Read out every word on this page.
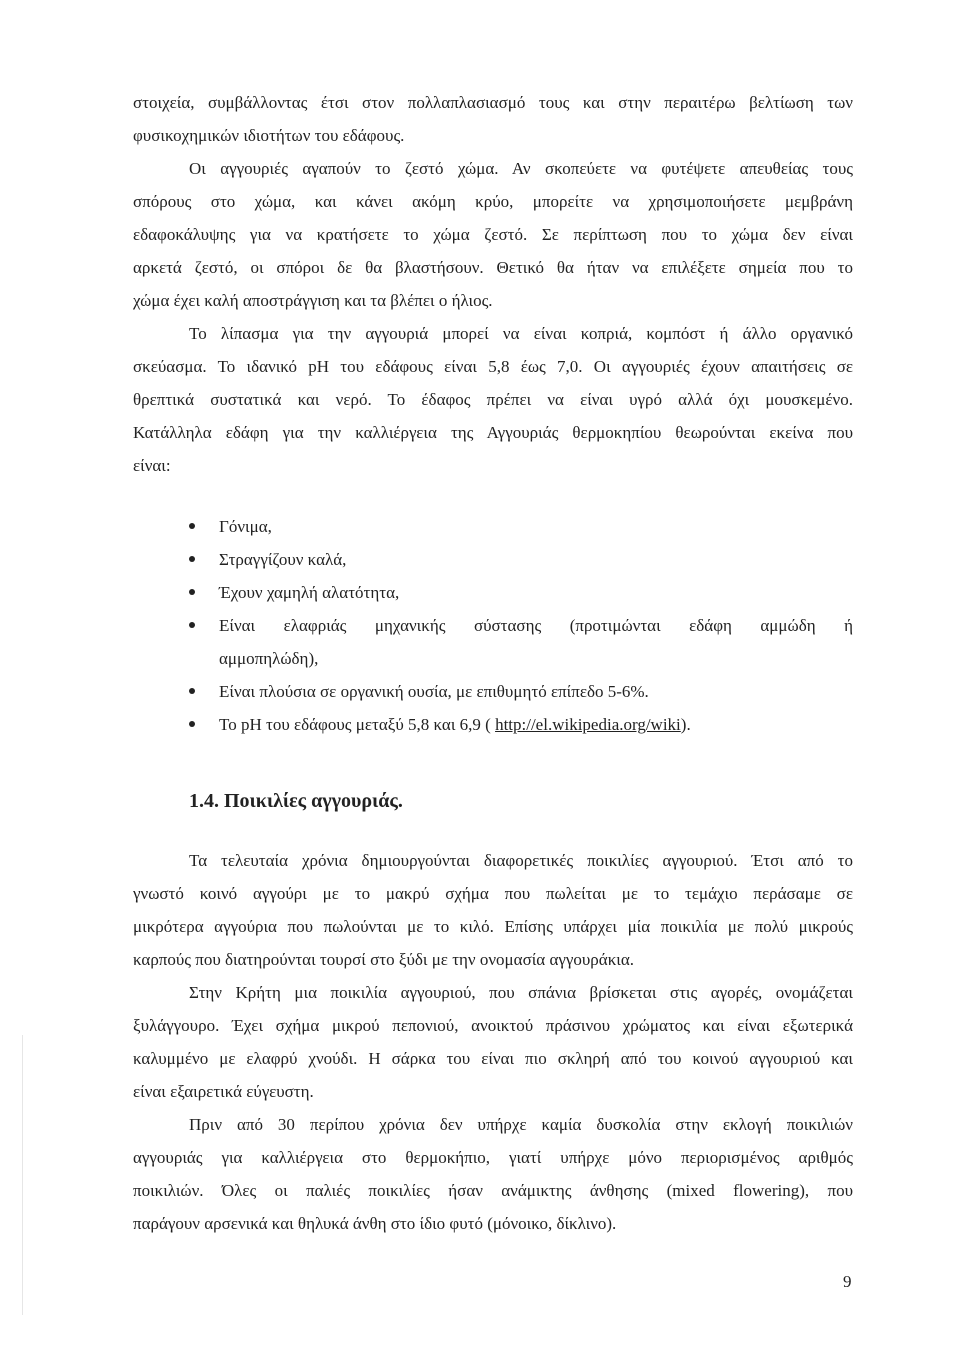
στοιχεία, συμβάλλοντας έτσι στον πολλαπλασιασμό τους και στην περαιτέρω βελτίωση των
φυσικοχημικών ιδιοτήτων του εδάφους.
Οι αγγουριές αγαπούν το ζεστό χώμα. Αν σκοπεύετε να φυτέψετε απευθείας τους
σπόρους στο χώμα, και κάνει ακόμη κρύο, μπορείτε να χρησιμοποιήσετε μεμβράνη
εδαφοκάλυψης για να κρατήσετε το χώμα ζεστό. Σε περίπτωση που το χώμα δεν είναι
αρκετά ζεστό, οι σπόροι δε θα βλαστήσουν. Θετικό θα ήταν να επιλέξετε σημεία που το
χώμα έχει καλή αποστράγγιση και τα βλέπει ο ήλιος.
Το λίπασμα για την αγγουριά μπορεί να είναι κοπριά, κομπόστ ή άλλο οργανικό
σκεύασμα. Το ιδανικό pH του εδάφους είναι 5,8 έως 7,0. Οι αγγουριές έχουν απαιτήσεις σε
θρεπτικά συστατικά και νερό. Το έδαφος πρέπει να είναι υγρό αλλά όχι μουσκεμένο.
Κατάλληλα εδάφη για την καλλιέργεια της Αγγουριάς θερμοκηπίου θεωρούνται εκείνα που
είναι:
Γόνιμα,
Στραγγίζουν καλά,
Έχουν χαμηλή αλατότητα,
Είναι ελαφριάς μηχανικής σύστασης (προτιμώνται εδάφη αμμώδη ή
αμμοπηλώδη),
Είναι πλούσια σε οργανική ουσία, με επιθυμητό επίπεδο 5-6%.
Το pH του εδάφους μεταξύ 5,8 και 6,9 ( http://el.wikipedia.org/wiki).
1.4. Ποικιλίες αγγουριάς.
Τα τελευταία χρόνια δημιουργούνται διαφορετικές ποικιλίες αγγουριού. Έτσι από το
γνωστό κοινό αγγούρι με το μακρύ σχήμα που πωλείται με το τεμάχιο περάσαμε σε
μικρότερα αγγούρια που πωλούνται με το κιλό. Επίσης υπάρχει μία ποικιλία με πολύ μικρούς
καρπούς που διατηρούνται τουρσί στο ξύδι με την ονομασία αγγουράκια.
Στην Κρήτη μια ποικιλία αγγουριού, που σπάνια βρίσκεται στις αγορές, ονομάζεται
ξυλάγγουρο. Έχει σχήμα μικρού πεπονιού, ανοικτού πράσινου χρώματος και είναι εξωτερικά
καλυμμένο με ελαφρύ χνούδι. Η σάρκα του είναι πιο σκληρή από του κοινού αγγουριού και
είναι εξαιρετικά εύγευστη.
Πριν από 30 περίπου χρόνια δεν υπήρχε καμία δυσκολία στην εκλογή ποικιλιών
αγγουριάς για καλλιέργεια στο θερμοκήπιο, γιατί υπήρχε μόνο περιορισμένος αριθμός
ποικιλιών. Όλες οι παλιές ποικιλίες ήσαν ανάμικτης άνθησης (mixed flowering), που
παράγουν αρσενικά και θηλυκά άνθη στο ίδιο φυτό (μόνοικο, δίκλινο).
9
